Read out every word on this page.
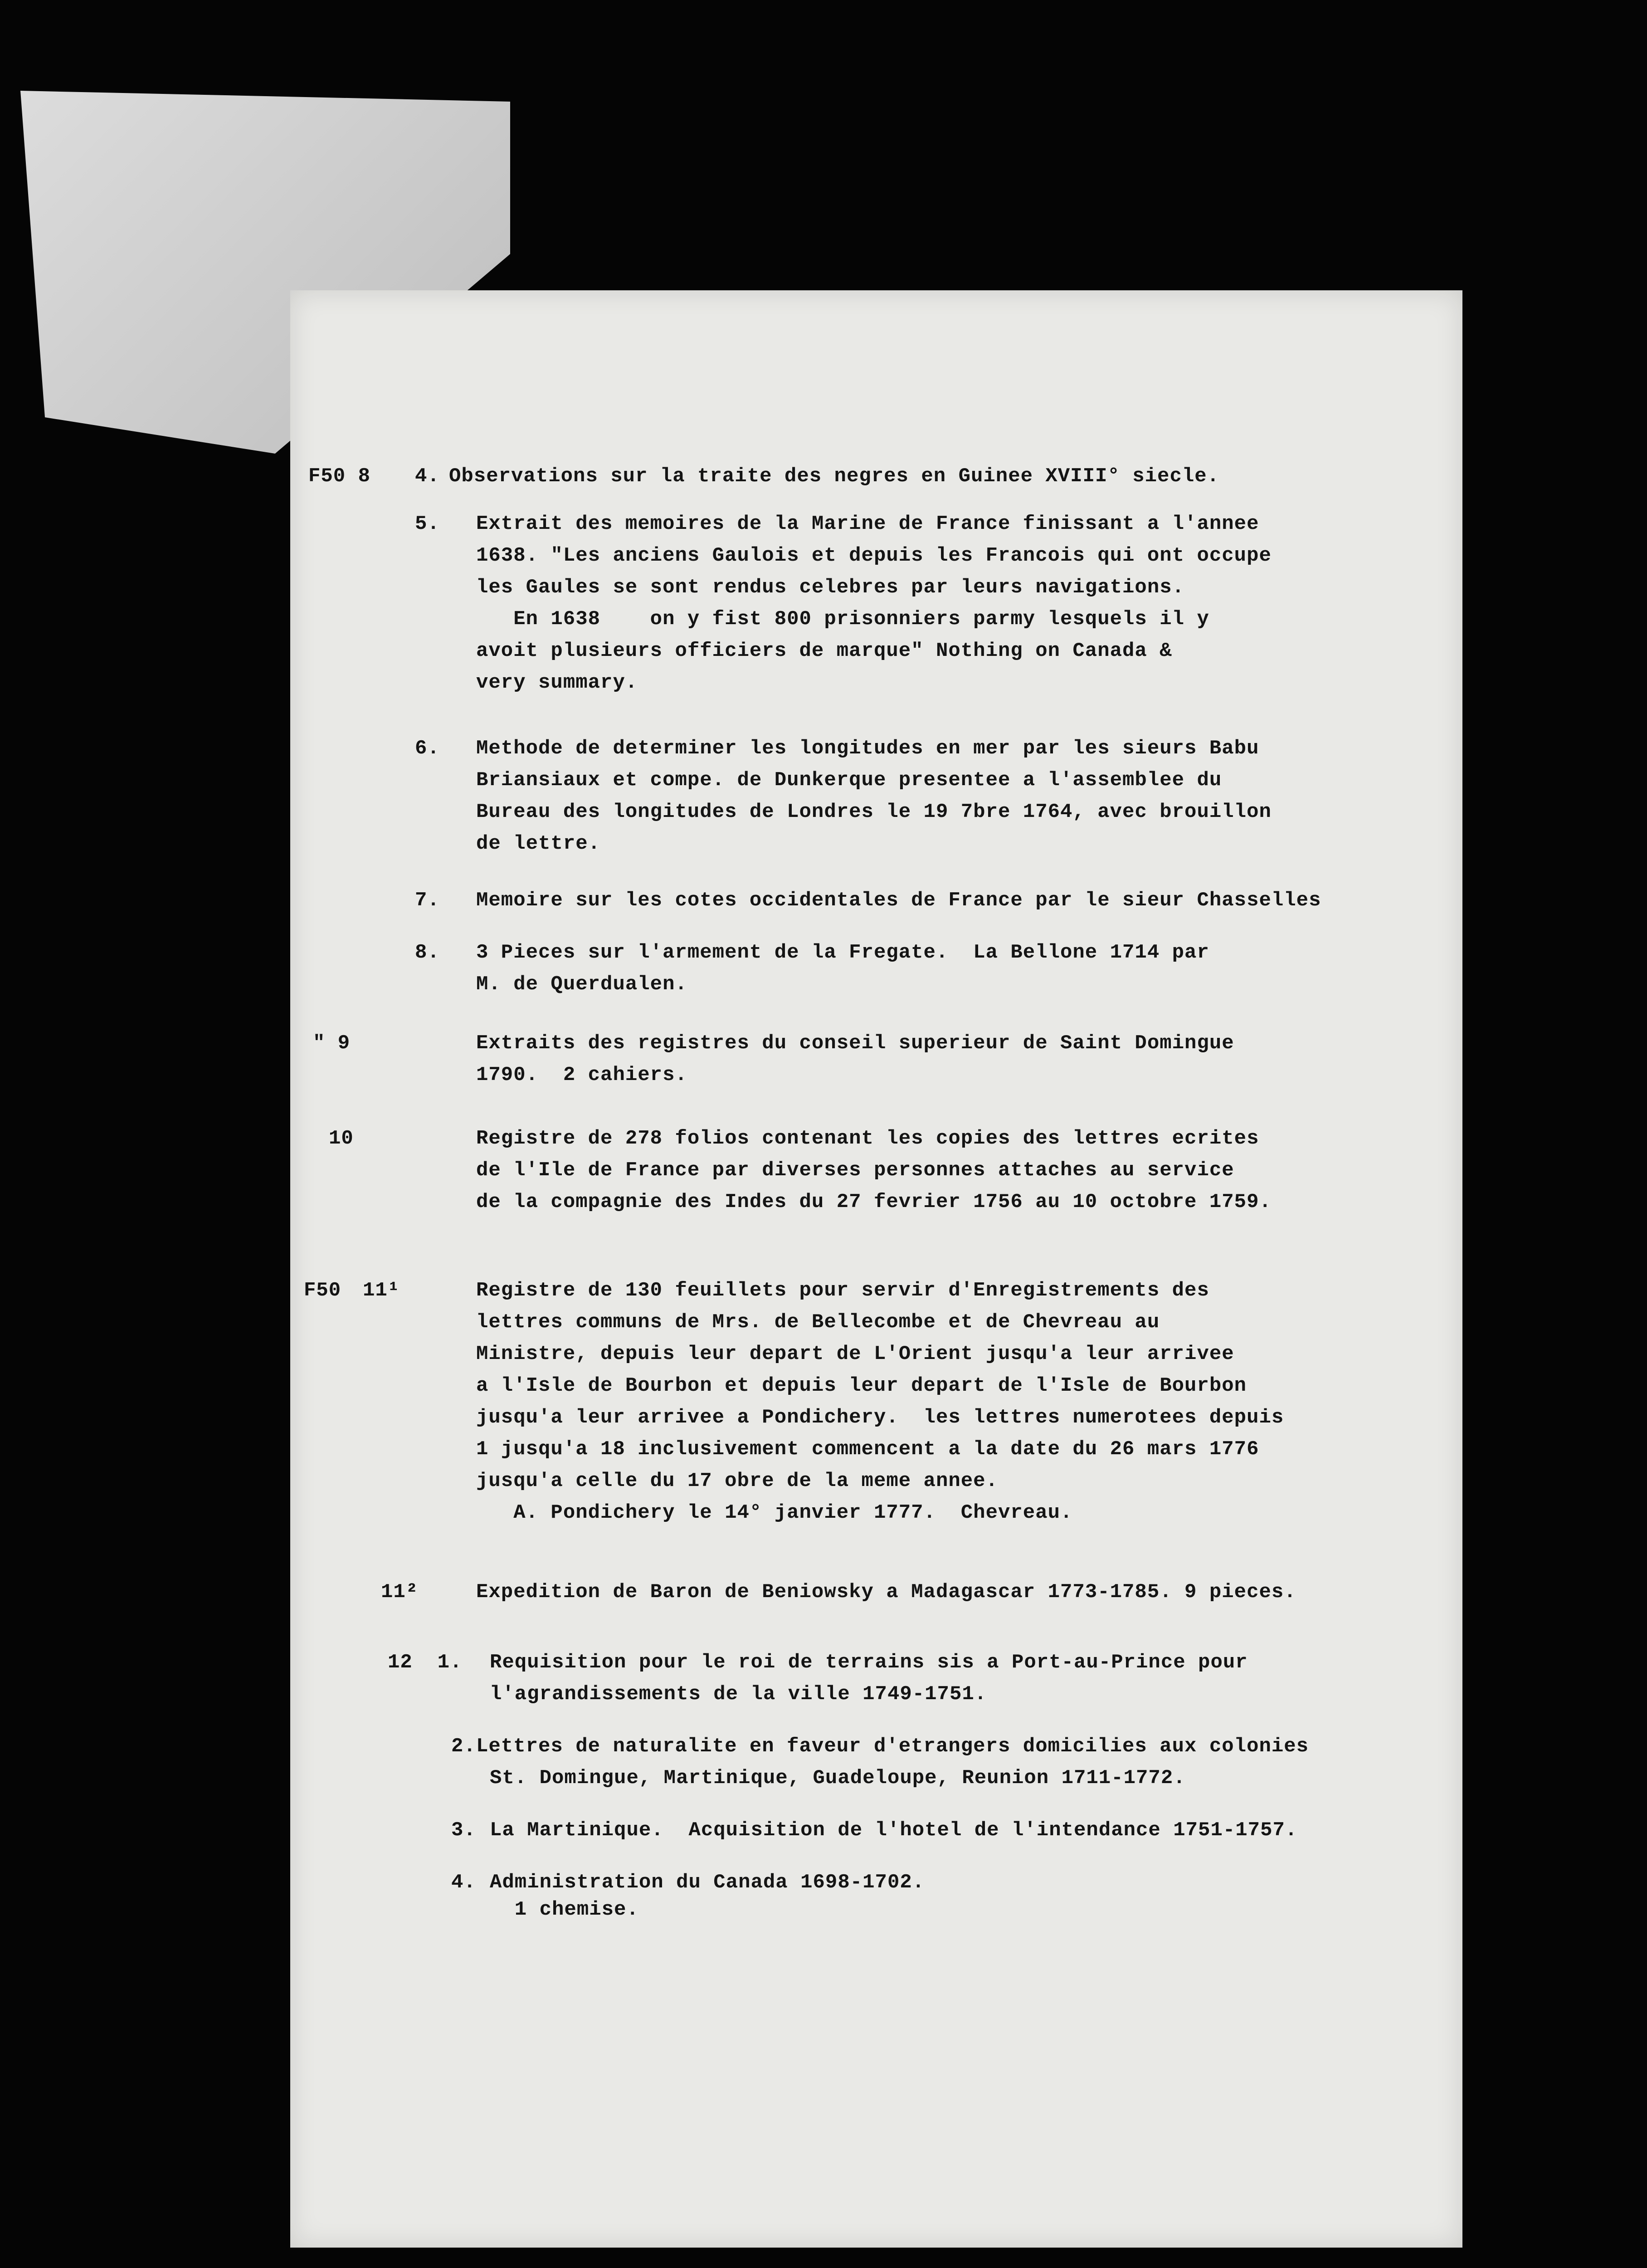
F50 8 4.

5.

6.

7.

8.

" 9

10

F50 11¹

11²

12  1.

2.

3.

4.

Observations sur la traite des negres en Guinee XVIII° siecle.

Extrait des memoires de la Marine de France finissant a l'annee

1638. "Les anciens Gaulois et depuis les Francois qui ont occupe

les Gaules se sont rendus celebres par leurs navigations.

En 1638    on y fist 800 prisonniers parmy lesquels il y

avoit plusieurs officiers de marque" Nothing on Canada &

very summary.

Methode de determiner les longitudes en mer par les sieurs Babu

Briansiaux et compe. de Dunkerque presentee a l'assemblee du

Bureau des longitudes de Londres le 19 7bre 1764, avec brouillon

de lettre.

Memoire sur les cotes occidentales de France par le sieur Chasselles

3 Pieces sur l'armement de la Fregate.  La Bellone 1714 par

M. de Querdualen.

Extraits des registres du conseil superieur de Saint Domingue

1790.  2 cahiers.

Registre de 278 folios contenant les copies des lettres ecrites

de l'Ile de France par diverses personnes attaches au service

de la compagnie des Indes du 27 fevrier 1756 au 10 octobre 1759.

Registre de 130 feuillets pour servir d'Enregistrements des

lettres communs de Mrs. de Bellecombe et de Chevreau au

Ministre, depuis leur depart de L'Orient jusqu'a leur arrivee

a l'Isle de Bourbon et depuis leur depart de l'Isle de Bourbon

jusqu'a leur arrivee a Pondichery.  les lettres numerotees depuis

1 jusqu'a 18 inclusivement commencent a la date du 26 mars 1776

jusqu'a celle du 17 obre de la meme annee.

A. Pondichery le 14° janvier 1777.  Chevreau.

Expedition de Baron de Beniowsky a Madagascar 1773-1785. 9 pieces.

Requisition pour le roi de terrains sis a Port-au-Prince pour

l'agrandissements de la ville 1749-1751.

Lettres de naturalite en faveur d'etrangers domicilies aux colonies

St. Domingue, Martinique, Guadeloupe, Reunion 1711-1772.

La Martinique.  Acquisition de l'hotel de l'intendance 1751-1757.

Administration du Canada 1698-1702.

1 chemise.
